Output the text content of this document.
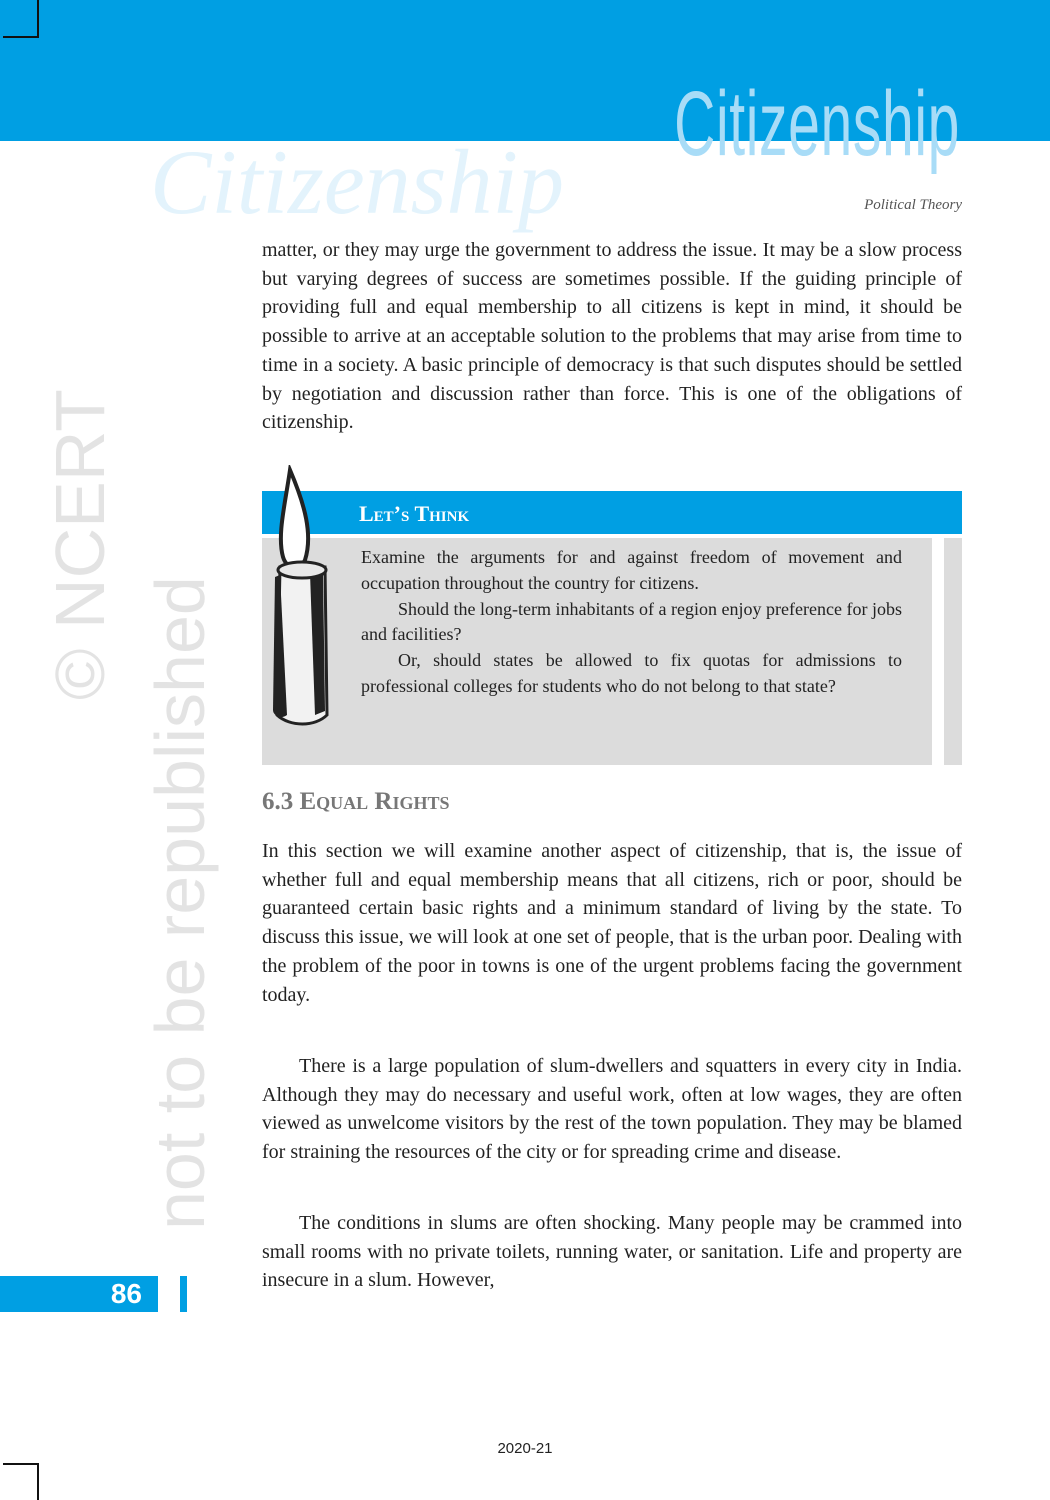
Citizenship
Citizenship
Political Theory

matter, or they may urge the government to address the issue. It may be a slow process but varying degrees of success are sometimes possible. If the guiding principle of providing full and equal membership to all citizens is kept in mind, it should be possible to arrive at an acceptable solution to the problems that may arise from time to time in a society. A basic principle of democracy is that such disputes should be settled by negotiation and discussion rather than force. This is one of the obligations of citizenship.

Let’s Think

Examine the arguments for and against freedom of movement and occupation throughout the country for citizens.

Should the long-term inhabitants of a region enjoy preference for jobs and facilities?

Or, should states be allowed to fix quotas for admissions to professional colleges for students who do not belong to that state?

6.3 Equal Rights

In this section we will examine another aspect of citizenship, that is, the issue of whether full and equal membership means that all citizens, rich or poor, should be guaranteed certain basic rights and a minimum standard of living by the state. To discuss this issue, we will look at one set of people, that is the urban poor. Dealing with the problem of the poor in towns is one of the urgent problems facing the government today.

There is a large population of slum-dwellers and squatters in every city in India. Although they may do necessary and useful work, often at low wages, they are often viewed as unwelcome visitors by the rest of the town population. They may be blamed for straining the resources of the city or for spreading crime and disease.

The conditions in slums are often shocking. Many people may be crammed into small rooms with no private toilets, running water, or sanitation. Life and property are insecure in a slum. However,

© NCERT
not to be republished
86
2020-21
